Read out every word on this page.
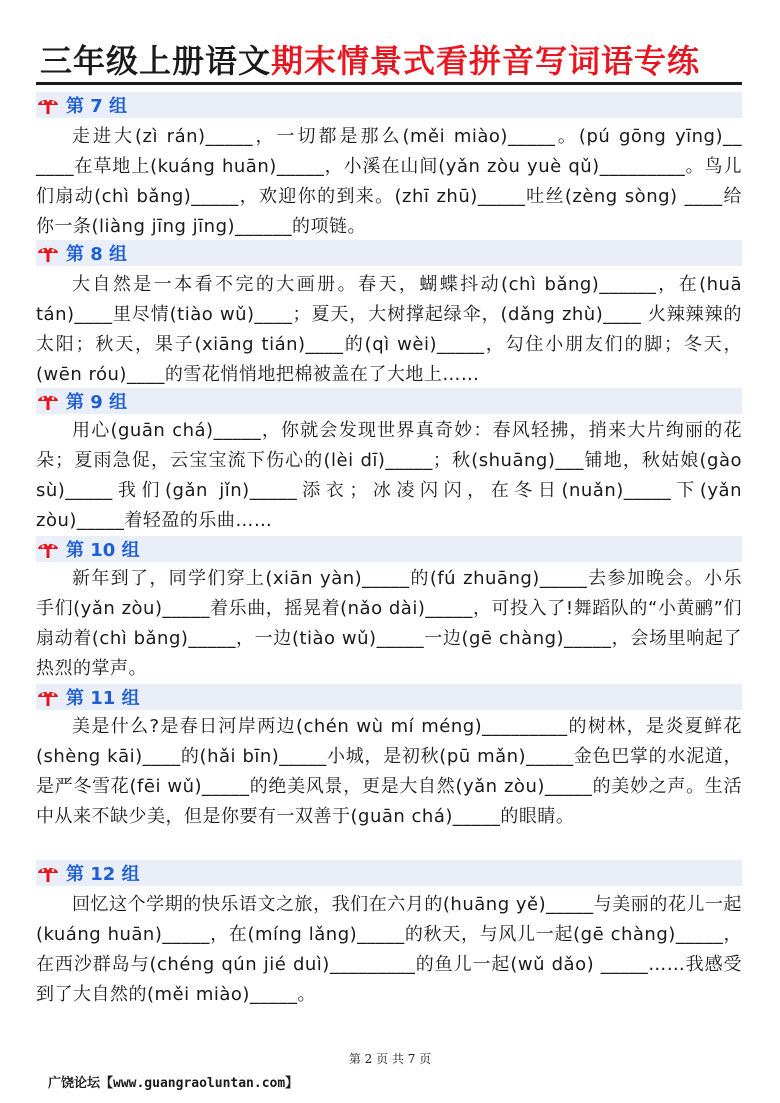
三年级上册语文期末情景式看拼音写词语专练
第 7 组
走进大(zì rán)_____，一切都是那么(měi miào)_____。(pú gōng yīng)__ ____在草地上(kuáng huān)_____，小溪在山间(yǎn zòu yuè qǔ)_________。鸟儿们扇动(chì bǎng)_____，欢迎你的到来。(zhī zhū)_____吐丝(zèng sòng) ____给你一条(liàng jīng jīng)______的项链。
第 8 组
大自然是一本看不完的大画册。春天，蝴蝶抖动(chì bǎng)______，在(huā tán)____里尽情(tiào wǔ)____；夏天，大树撑起绿伞，(dǎng zhù)____ 火辣辣辣的太阳；秋天，果子(xiāng tián)____的(qì wèi)_____，勾住小朋友们的脚；冬天，(wēn róu)____的雪花悄悄地把棉被盖在了大地上……
第 9 组
用心(guān chá)_____，你就会发现世界真奇妙：春风轻拂，捎来大片绚丽的花朵；夏雨急促，云宝宝流下伤心的(lèi dī)_____；秋(shuāng)___铺地，秋姑娘(gào sù)_____我们(gǎn jǐn)_____添衣；冰凌闪闪，在冬日(nuǎn)_____下(yǎn zòu)_____着轻盈的乐曲……
第 10 组
新年到了，同学们穿上(xiān yàn)_____的(fú zhuāng)_____去参加晚会。小乐手们(yǎn zòu)_____着乐曲，摇晃着(nǎo dài)_____，可投入了!舞蹈队的“小黄鹂”们扇动着(chì bǎng)_____，一边(tiào wǔ)_____一边(gē chàng)_____，会场里响起了热烈的掌声。
第 11 组
美是什么?是春日河岸两边(chén wù mí méng)_________的树林，是炎夏鲜花(shèng kāi)____的(hǎi bīn)_____小城，是初秋(pū mǎn)_____金色巴掌的水泥道，是严冬雪花(fēi wǔ)_____的绝美风景，更是大自然(yǎn zòu)_____的美妙之声。生活中从来不缺少美，但是你要有一双善于(guān chá)_____的眼睛。
第 12 组
回忆这个学期的快乐语文之旅，我们在六月的(huāng yě)_____与美丽的花儿一起(kuáng huān)_____，在(míng lǎng)_____的秋天，与风儿一起(gē chàng)_____，在西沙群岛与(chéng qún jié duì)_________的鱼儿一起(wǔ dǎo) _____……我感受到了大自然的(měi miào)_____。
第 2 页 共 7 页
广饶论坛【www.guangraoluntan.com】
